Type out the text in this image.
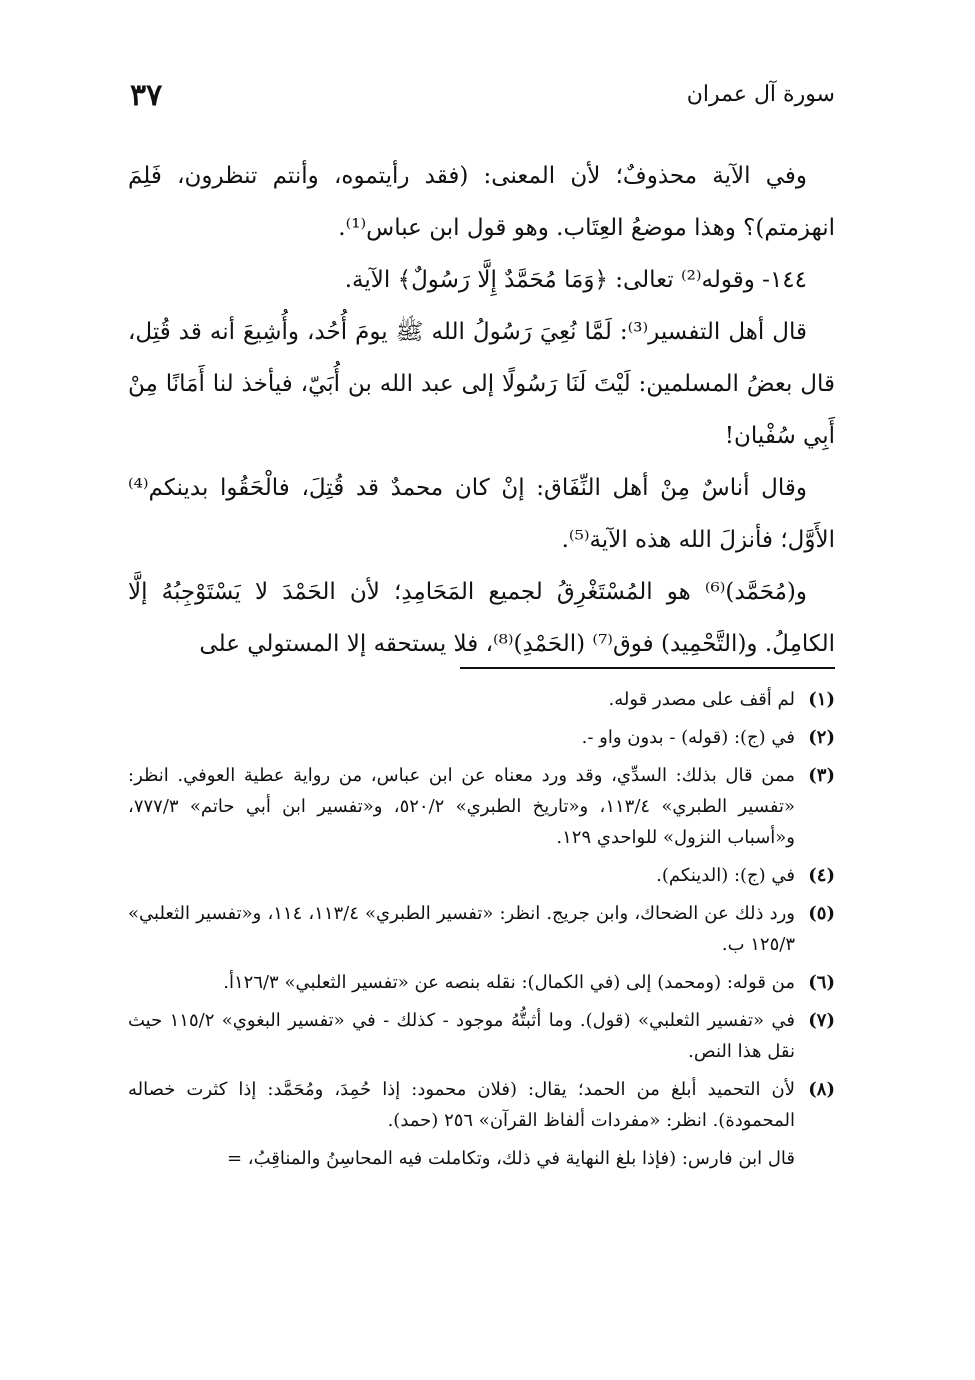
سورة آل عمران
٣٧

وفي الآية محذوفٌ؛ لأن المعنى: (فقد رأيتموه، وأنتم تنظرون، فَلِمَ انهزمتم)؟ وهذا موضعُ العِتَاب. وهو قول ابن عباس⁽¹⁾.

١٤٤- وقوله⁽²⁾ تعالى: ﴿وَمَا مُحَمَّدٌ إِلَّا رَسُولٌ﴾ الآية.

قال أهل التفسير⁽³⁾: لَمَّا نُعِيَ رَسُولُ الله ﷺ يومَ أُحُد، وأُشِيعَ أنه قد قُتِل، قال بعضُ المسلمين: لَيْتَ لَنَا رَسُولًا إلى عبد الله بن أُبَيّ، فيأخذ لنا أَمَانًا مِنْ أَبِي سُفْيان!

وقال أناسٌ مِنْ أهل النِّفَاق: إنْ كان محمدٌ قد قُتِلَ، فالْحَقُوا بدينكم⁽⁴⁾ الأَوَّل؛ فأنزلَ الله هذه الآية⁽⁵⁾.

و(مُحَمَّد)⁽⁶⁾ هو المُسْتَغْرِقُ لجميع المَحَامِدِ؛ لأن الحَمْدَ لا يَسْتَوْجِبُهُ إلَّا الكامِلُ. و(التَّحْمِيد) فوق⁽⁷⁾ (الحَمْدِ)⁽⁸⁾، فلا يستحقه إلا المستولي على

(١)
لم أقف على مصدر قوله.
(٢)
في (ج): (قوله) - بدون واو -.
(٣)
ممن قال بذلك: السدِّي، وقد ورد معناه عن ابن عباس، من رواية عطية العوفي. انظر: «تفسير الطبري» ١١٣/٤، و«تاريخ الطبري» ٥٢٠/٢، و«تفسير ابن أبي حاتم» ٧٧٧/٣، و«أسباب النزول» للواحدي ١٢٩.
(٤)
في (ج): (الدينكم).
(٥)
ورد ذلك عن الضحاك، وابن جريج. انظر: «تفسير الطبري» ١١٣/٤، ١١٤، و«تفسير الثعلبي» ١٢٥/٣ ب.
(٦)
من قوله: (ومحمد) إلى (في الكمال): نقله بنصه عن «تفسير الثعلبي» ١٢٦/٣أ.
(٧)
في «تفسير الثعلبي» (قول). وما أثبتُّهُ موجود - كذلك - في «تفسير البغوي» ١١٥/٢ حيث نقل هذا النص.
(٨)
لأن التحميد أبلغ من الحمد؛ يقال: (فلان محمود: إذا حُمِدَ، ومُحَمَّد: إذا كثرت خصاله المحمودة). انظر: «مفردات ألفاظ القرآن» ٢٥٦ (حمد).
قال ابن فارس: (فإذا بلغ النهاية في ذلك، وتكاملت فيه المحاسِنُ والمناقِبُ، =
